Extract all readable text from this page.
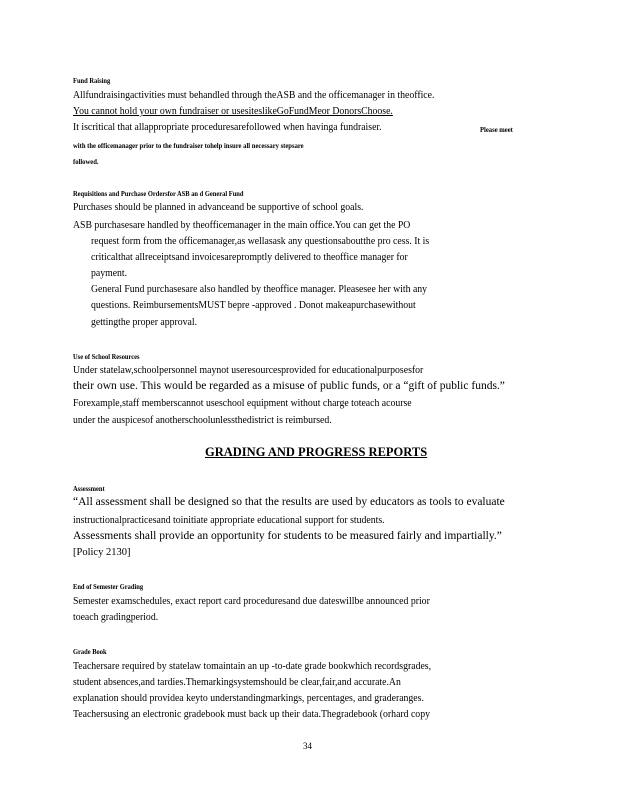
Fund Raising
Allfundraisingactivities must behandled through theASB and the officemanager in theoffice.
You cannot hold your own fundraiser or usesiteslikeGoFundMeor DonorsChoose.
It iscritical that allappropriate proceduresarefollowed when havinga fundraiser.	Please meet
with the officemanager prior to the fundraiser tohelp insure all necessary stepsare
followed.
Requisitions and Purchase Ordersfor ASB an d General Fund
Purchases should be planned in advanceand be supportive of school goals.
ASB purchasesare handled by theofficemanager in the main office.You can get the PO
request form from the officemanager,as wellasask any questionsaboutthe pro cess. It is
criticalthat allreceiptsand invoicesarepromptly delivered to theoffice manager for
payment.
General Fund purchasesare also handled by theoffice manager. Pleasesee her with any
questions. ReimbursementsMUST bepre -approved . Donot makeapurchasewithout
gettingthe proper approval.
Use of School Resources
Under statelaw,schoolpersonnel maynot useresourcesprovided for educationalpurposesfor
their own use. This would be regarded as a misuse of public funds, or a “gift of public funds.”
Forexample,staff memberscannot useschool equipment without charge toteach acourse
under the auspicesof anotherschoolunlessthedistrict is reimbursed.
GRADING AND PROGRESS REPORTS
Assessment
“All assessment shall be designed so that the results are used by educators as tools to evaluate
instructionalpracticesand toinitiate appropriate educational support for students.
Assessments shall provide an opportunity for students to be measured fairly and impartially.”
[Policy 2130]
End of Semester Grading
Semester examschedules, exact report card proceduresand due dateswillbe announced prior
toeach gradingperiod.
Grade Book
Teachersare required by statelaw tomaintain an up -to-date grade bookwhich recordsgrades,
student absences,and tardies.Themarkingsystemshould be clear,fair,and accurate.An
explanation should providea keyto understandingmarkings, percentages, and graderanges.
Teachersusing an electronic gradebook must back up their data.Thegradebook (orhard copy
34
